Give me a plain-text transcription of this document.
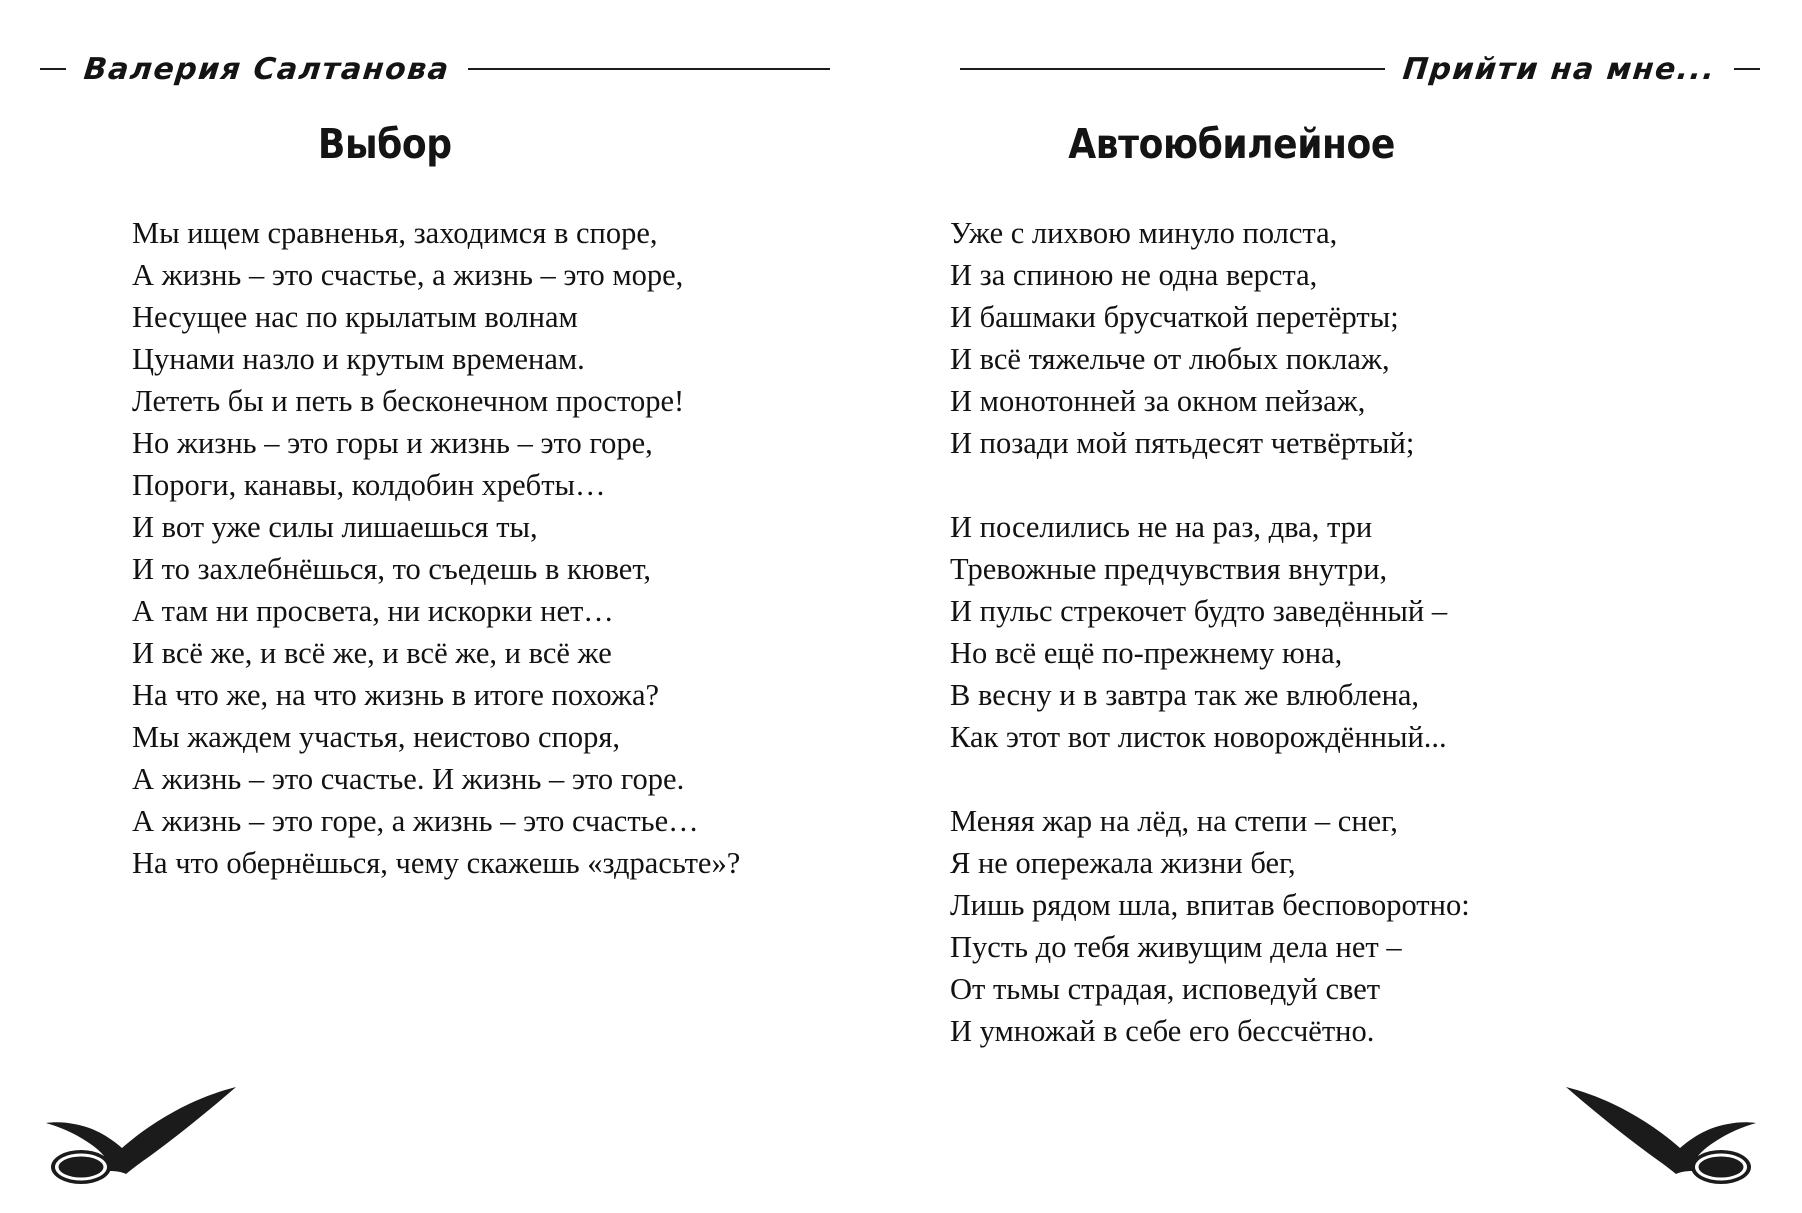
Валерия Салтанова	Прийти на мне...
Выбор
Мы ищем сравненья, заходимся в споре,
А жизнь – это счастье, а жизнь – это море,
Несущее нас по крылатым волнам
Цунами назло и крутым временам.
Лететь бы и петь в бесконечном просторе!
Но жизнь – это горы и жизнь – это горе,
Пороги, канавы, колдобин хребты…
И вот уже силы лишаешься ты,
И то захлебнёшься, то съедешь в кювет,
А там ни просвета, ни искорки нет…
И всё же, и всё же, и всё же, и всё же
На что же, на что жизнь в итоге похожа?
Мы жаждем участья, неистово споря,
А жизнь – это счастье. И жизнь – это горе.
А жизнь – это горе, а жизнь – это счастье…
На что обернёшься, чему скажешь «здрасьте»?
Автоюбилейное
Уже с лихвою минуло полста,
И за спиною не одна верста,
И башмаки брусчаткой перетёрты;
И всё тяжельче от любых поклаж,
И монотонней за окном пейзаж,
И позади мой пятьдесят четвёртый;
И поселились не на раз, два, три
Тревожные предчувствия внутри,
И пульс стрекочет будто заведённый –
Но всё ещё по-прежнему юна,
В весну и в завтра так же влюблена,
Как этот вот листок новорождённый...
Меняя жар на лёд, на степи – снег,
Я не опережала жизни бег,
Лишь рядом шла, впитав бесповоротно:
Пусть до тебя живущим дела нет –
От тьмы страдая, исповедуй свет
И умножай в себе его бессчётно.
136	137
